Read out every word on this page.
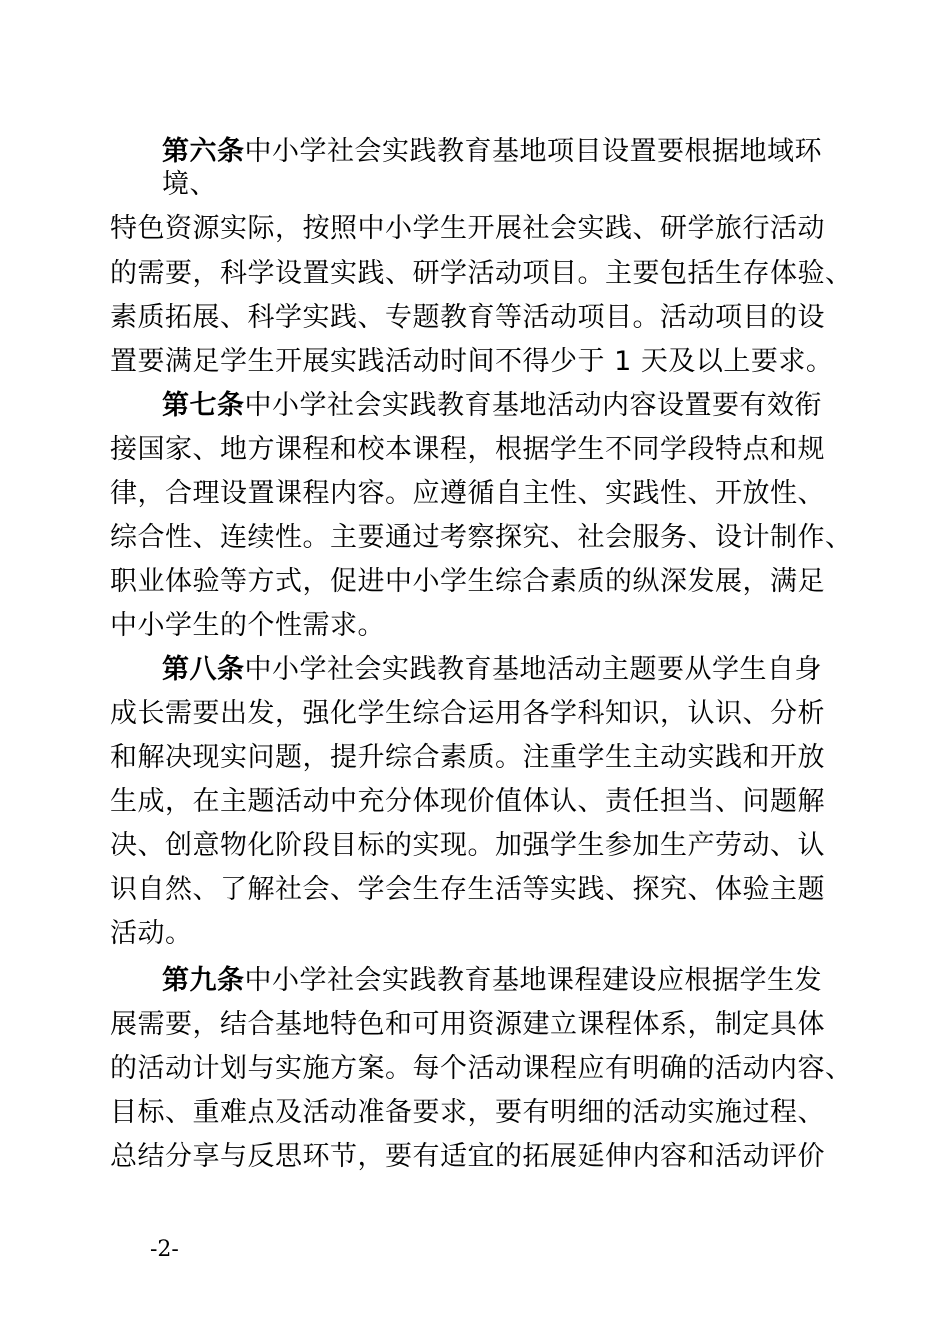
第六条中小学社会实践教育基地项目设置要根据地域环
境、
特色资源实际，按照中小学生开展社会实践、研学旅行活动
的需要，科学设置实践、研学活动项目。主要包括生存体验、
素质拓展、科学实践、专题教育等活动项目。活动项目的设
置要满足学生开展实践活动时间不得少于 1 天及以上要求。
第七条中小学社会实践教育基地活动内容设置要有效衔
接国家、地方课程和校本课程，根据学生不同学段特点和规
律，合理设置课程内容。应遵循自主性、实践性、开放性、
综合性、连续性。主要通过考察探究、社会服务、设计制作、
职业体验等方式，促进中小学生综合素质的纵深发展，满足
中小学生的个性需求。
第八条中小学社会实践教育基地活动主题要从学生自身
成长需要出发，强化学生综合运用各学科知识，认识、分析
和解决现实问题，提升综合素质。注重学生主动实践和开放
生成，在主题活动中充分体现价值体认、责任担当、问题解
决、创意物化阶段目标的实现。加强学生参加生产劳动、认
识自然、了解社会、学会生存生活等实践、探究、体验主题
活动。
第九条中小学社会实践教育基地课程建设应根据学生发
展需要，结合基地特色和可用资源建立课程体系，制定具体
的活动计划与实施方案。每个活动课程应有明确的活动内容、
目标、重难点及活动准备要求，要有明细的活动实施过程、
总结分享与反思环节，要有适宜的拓展延伸内容和活动评价
-2-
